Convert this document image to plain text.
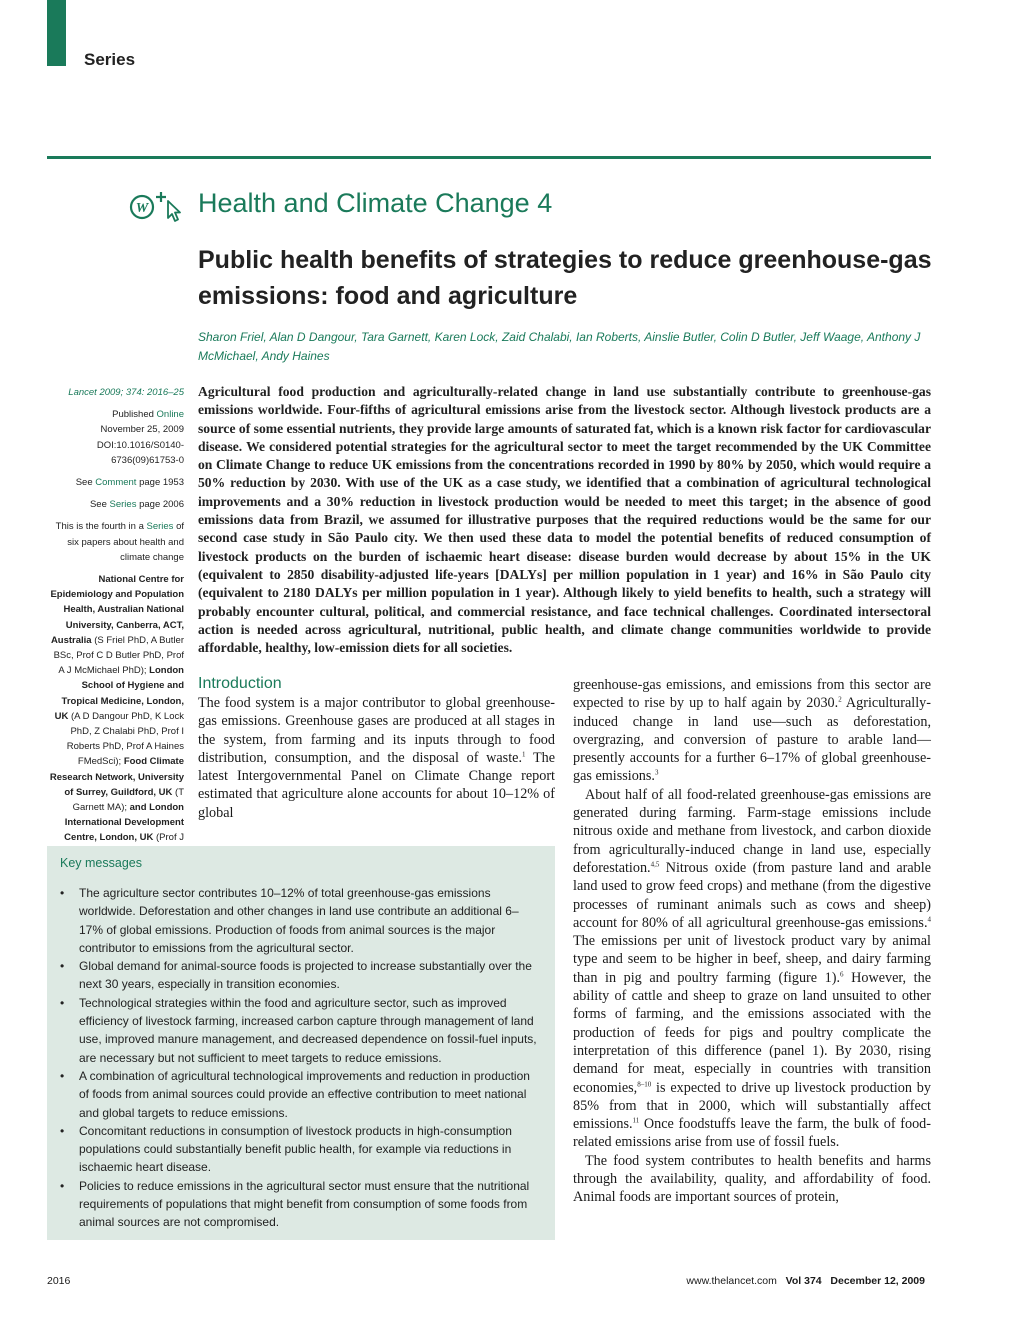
Series
W Health and Climate Change 4
Public health benefits of strategies to reduce greenhouse-gas emissions: food and agriculture
Sharon Friel, Alan D Dangour, Tara Garnett, Karen Lock, Zaid Chalabi, Ian Roberts, Ainslie Butler, Colin D Butler, Jeff Waage, Anthony J McMichael, Andy Haines

Lancet 2009; 374: 2016–25

Published Online
November 25, 2009
DOI:10.1016/S0140-6736(09)61753-0

See Comment page 1953

See Series page 2006

This is the fourth in a Series of six papers about health and climate change

National Centre for Epidemiology and Population Health, Australian National University, Canberra, ACT, Australia (S Friel PhD, A Butler BSc, Prof C D Butler PhD, Prof A J McMichael PhD); London School of Hygiene and Tropical Medicine, London, UK (A D Dangour PhD, K Lock PhD, Z Chalabi PhD, Prof I Roberts PhD, Prof A Haines FMedSci); Food Climate Research Network, University of Surrey, Guildford, UK (T Garnett MA); and London International Development Centre, London, UK (Prof J

Agricultural food production and agriculturally-related change in land use substantially contribute to greenhouse-gas emissions worldwide. Four-fifths of agricultural emissions arise from the livestock sector. Although livestock products are a source of some essential nutrients, they provide large amounts of saturated fat, which is a known risk factor for cardiovascular disease. We considered potential strategies for the agricultural sector to meet the target recommended by the UK Committee on Climate Change to reduce UK emissions from the concentrations recorded in 1990 by 80% by 2050, which would require a 50% reduction by 2030. With use of the UK as a case study, we identified that a combination of agricultural technological improvements and a 30% reduction in livestock production would be needed to meet this target; in the absence of good emissions data from Brazil, we assumed for illustrative purposes that the required reductions would be the same for our second case study in São Paulo city. We then used these data to model the potential benefits of reduced consumption of livestock products on the burden of ischaemic heart disease: disease burden would decrease by about 15% in the UK (equivalent to 2850 disability-adjusted life-years [DALYs] per million population in 1 year) and 16% in São Paulo city (equivalent to 2180 DALYs per million population in 1 year). Although likely to yield benefits to health, such a strategy will probably encounter cultural, political, and commercial resistance, and face technical challenges. Coordinated intersectoral action is needed across agricultural, nutritional, public health, and climate change communities worldwide to provide affordable, healthy, low-emission diets for all societies.
Introduction
The food system is a major contributor to global greenhouse-gas emissions. Greenhouse gases are produced at all stages in the system, from farming and its inputs through to food distribution, consumption, and the disposal of waste.$^1$ The latest Intergovernmental Panel on Climate Change report estimated that agriculture alone accounts for about 10–12% of global

greenhouse-gas emissions, and emissions from this sector are expected to rise by up to half again by 2030.$^2$ Agriculturally-induced change in land use—such as deforestation, overgrazing, and conversion of pasture to arable land—presently accounts for a further 6–17% of global greenhouse-gas emissions.$^3$

About half of all food-related greenhouse-gas emissions are generated during farming. Farm-stage emissions include nitrous oxide and methane from livestock, and carbon dioxide from agriculturally-induced change in land use, especially deforestation.$^{4,5}$ Nitrous oxide (from pasture land and arable land used to grow feed crops) and methane (from the digestive processes of ruminant animals such as cows and sheep) account for 80% of all agricultural greenhouse-gas emissions.$^4$ The emissions per unit of livestock product vary by animal type and seem to be higher in beef, sheep, and dairy farming than in pig and poultry farming (figure 1).$^6$ However, the ability of cattle and sheep to graze on land unsuited to other forms of farming, and the emissions associated with the production of feeds for pigs and poultry complicate the interpretation of this difference (panel 1). By 2030, rising demand for meat, especially in countries with transition economies,$^{8-10}$ is expected to drive up livestock production by 85% from that in 2000, which will substantially affect emissions.$^{11}$ Once foodstuffs leave the farm, the bulk of food-related emissions arise from use of fossil fuels.

The food system contributes to health benefits and harms through the availability, quality, and affordability of food. Animal foods are important sources of protein,

Key messages
• The agriculture sector contributes 10–12% of total greenhouse-gas emissions worldwide. Deforestation and other changes in land use contribute an additional 6–17% of global emissions. Production of foods from animal sources is the major contributor to emissions from the agricultural sector.
• Global demand for animal-source foods is projected to increase substantially over the next 30 years, especially in transition economies.
• Technological strategies within the food and agriculture sector, such as improved efficiency of livestock farming, increased carbon capture through management of land use, improved manure management, and decreased dependence on fossil-fuel inputs, are necessary but not sufficient to meet targets to reduce emissions.
• A combination of agricultural technological improvements and reduction in production of foods from animal sources could provide an effective contribution to meet national and global targets to reduce emissions.
• Concomitant reductions in consumption of livestock products in high-consumption populations could substantially benefit public health, for example via reductions in ischaemic heart disease.
• Policies to reduce emissions in the agricultural sector must ensure that the nutritional requirements of populations that might benefit from consumption of some foods from animal sources are not compromised.
2016	www.thelancet.com Vol 374 December 12, 2009
